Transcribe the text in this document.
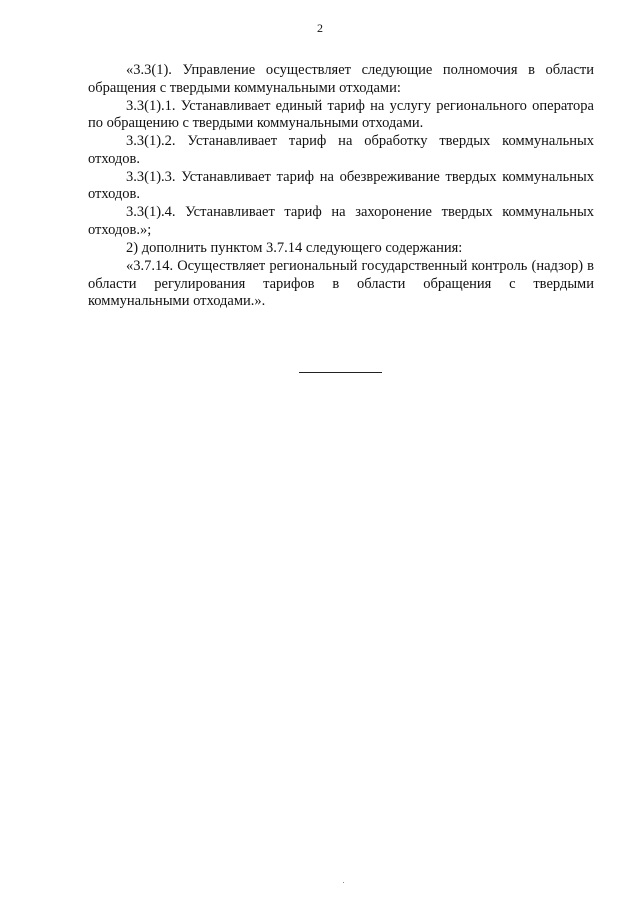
2

«3.3(1). Управление осуществляет следующие полномочия в области обращения с твердыми коммунальными отходами:

3.3(1).1. Устанавливает единый тариф на услугу регионального оператора по обращению с твердыми коммунальными отходами.

3.3(1).2. Устанавливает тариф на обработку твердых коммунальных отходов.

3.3(1).3. Устанавливает тариф на обезвреживание твердых коммунальных отходов.

3.3(1).4. Устанавливает тариф на захоронение твердых коммунальных отходов.»;

2) дополнить пунктом 3.7.14 следующего содержания:

«3.7.14. Осуществляет региональный государственный контроль (надзор) в области регулирования тарифов в области обращения с твердыми коммунальными отходами.».
